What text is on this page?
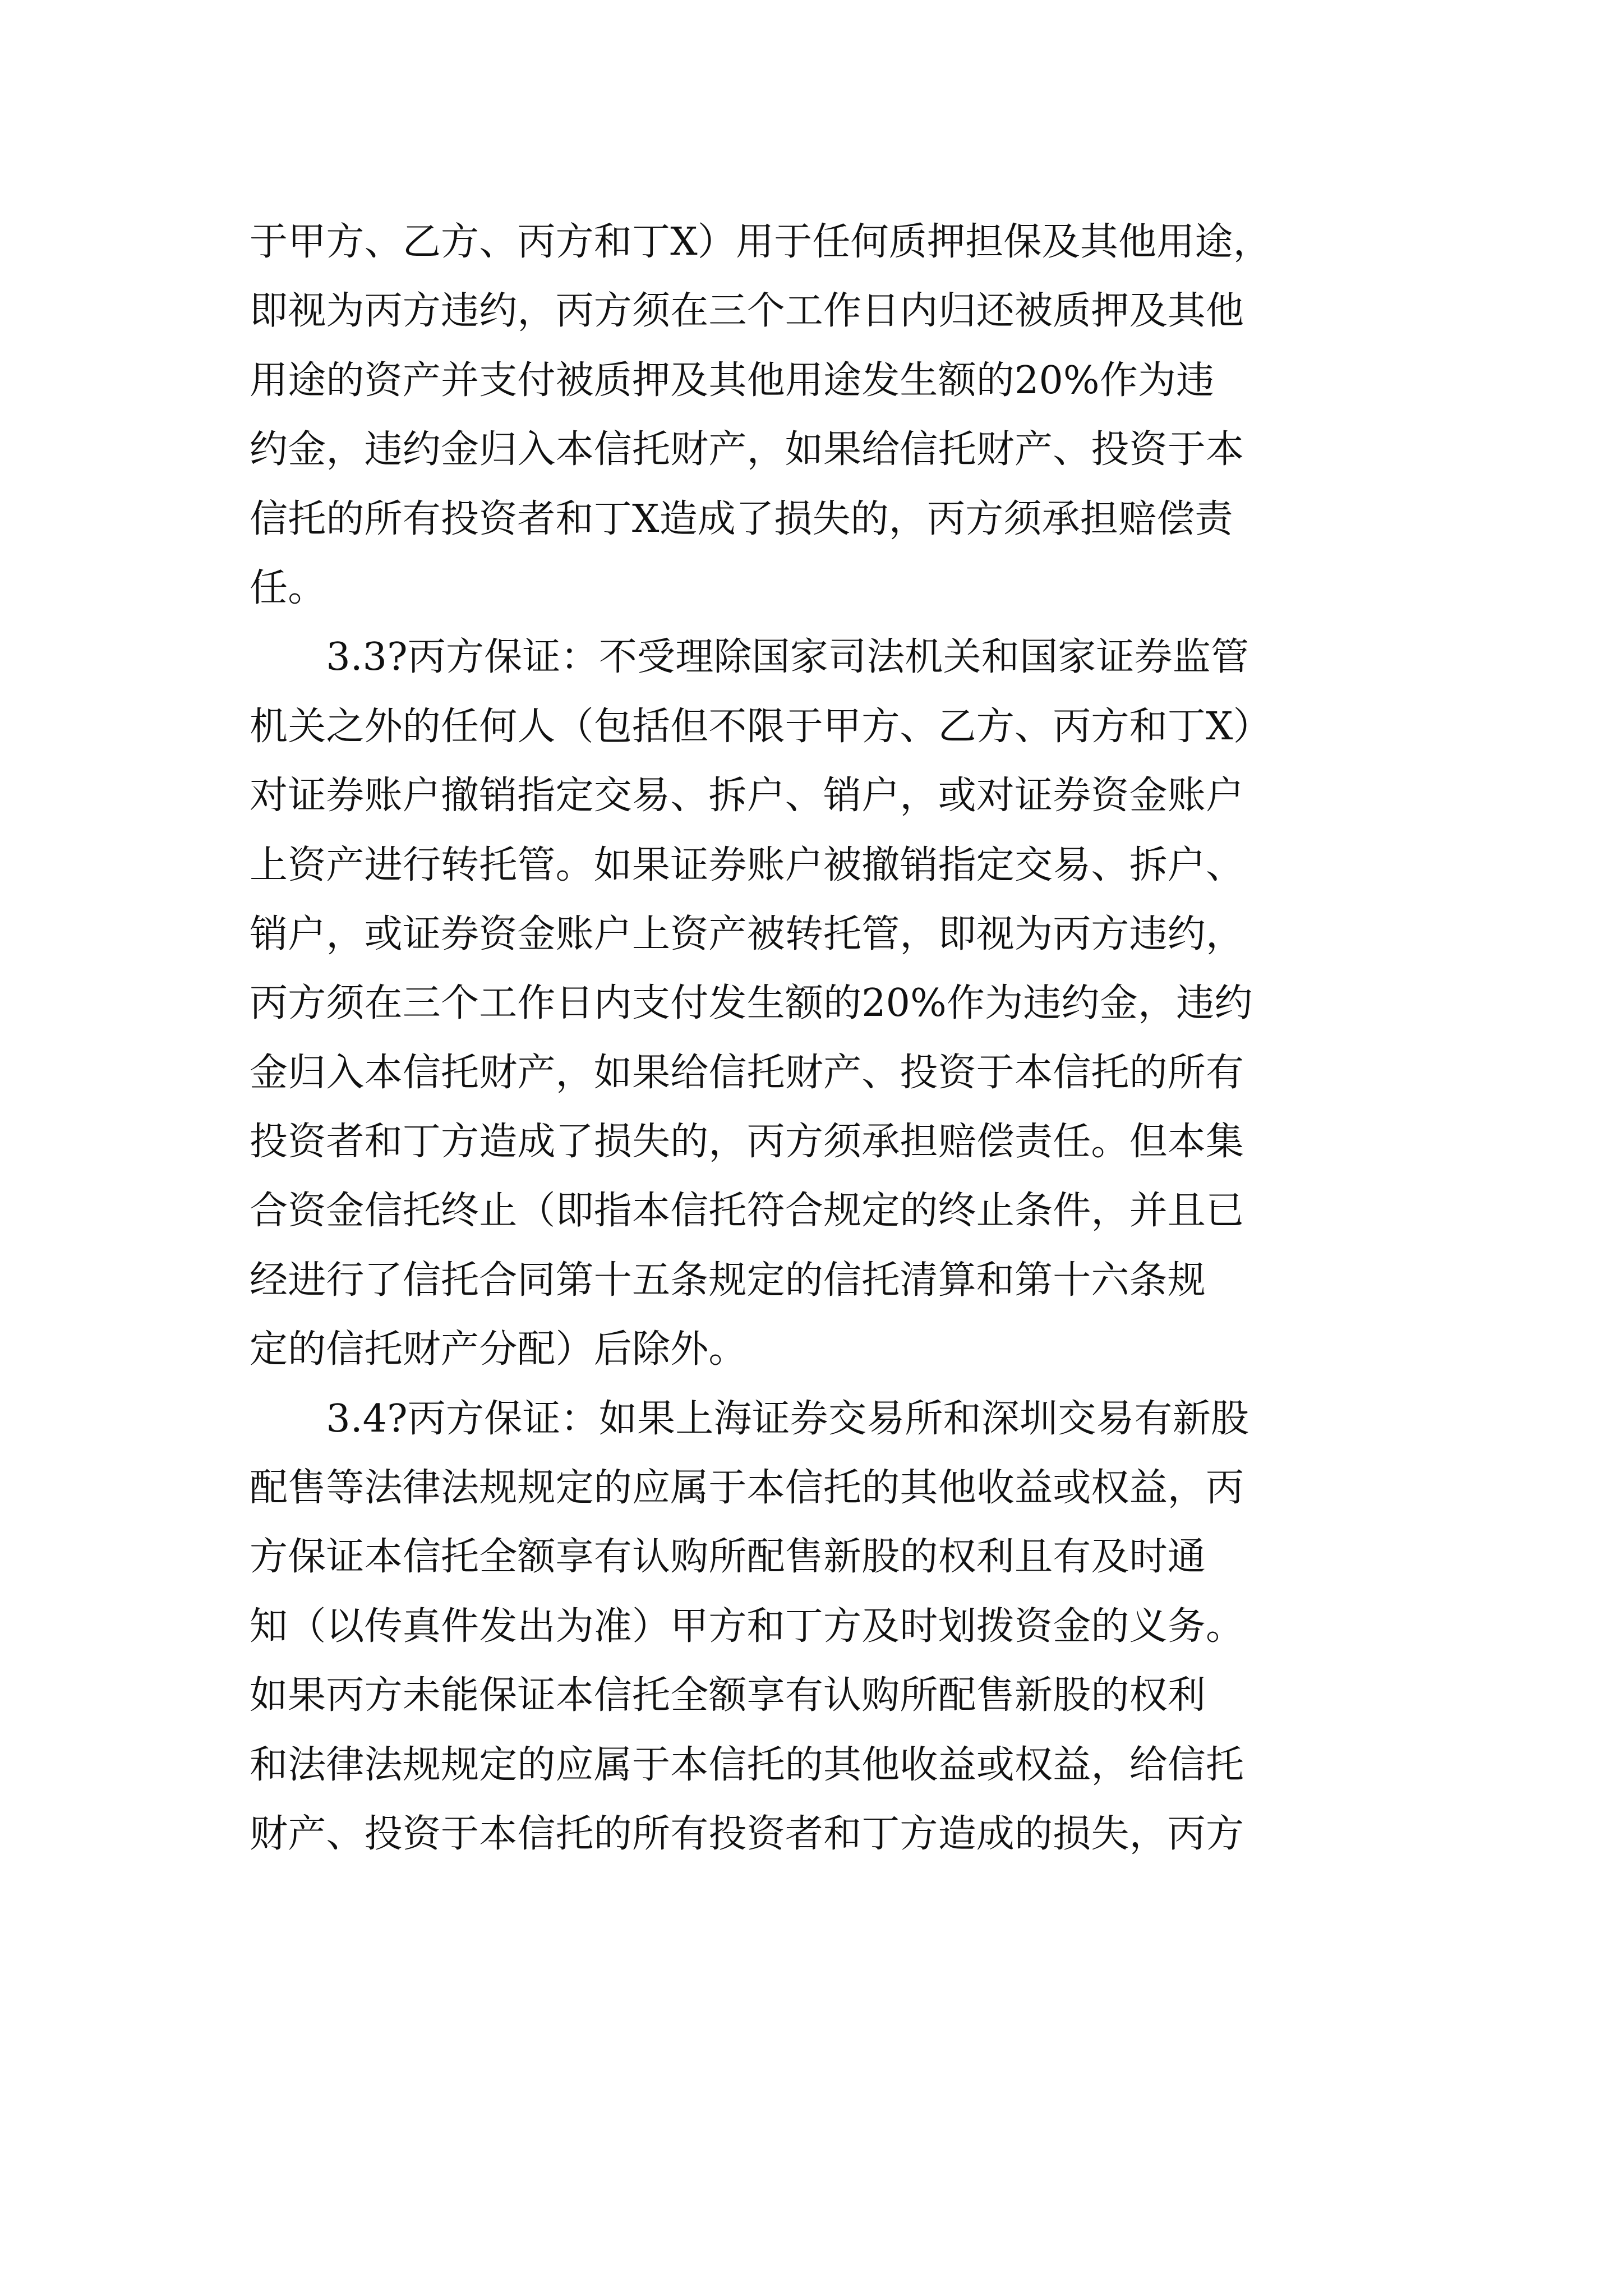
于甲方、乙方、丙方和丁X）用于任何质押担保及其他用途，
即视为丙方违约，丙方须在三个工作日内归还被质押及其他
用途的资产并支付被质押及其他用途发生额的20%作为违
约金，违约金归入本信托财产，如果给信托财产、投资于本
信托的所有投资者和丁X造成了损失的，丙方须承担赔偿责
任。
　　3.3?丙方保证：不受理除国家司法机关和国家证券监管
机关之外的任何人（包括但不限于甲方、乙方、丙方和丁X）
对证券账户撤销指定交易、拆户、销户，或对证券资金账户
上资产进行转托管。如果证券账户被撤销指定交易、拆户、
销户，或证券资金账户上资产被转托管，即视为丙方违约，
丙方须在三个工作日内支付发生额的20%作为违约金，违约
金归入本信托财产，如果给信托财产、投资于本信托的所有
投资者和丁方造成了损失的，丙方须承担赔偿责任。但本集
合资金信托终止（即指本信托符合规定的终止条件，并且已
经进行了信托合同第十五条规定的信托清算和第十六条规
定的信托财产分配）后除外。
　　3.4?丙方保证：如果上海证券交易所和深圳交易有新股
配售等法律法规规定的应属于本信托的其他收益或权益，丙
方保证本信托全额享有认购所配售新股的权利且有及时通
知（以传真件发出为准）甲方和丁方及时划拨资金的义务。
如果丙方未能保证本信托全额享有认购所配售新股的权利
和法律法规规定的应属于本信托的其他收益或权益，给信托
财产、投资于本信托的所有投资者和丁方造成的损失，丙方
